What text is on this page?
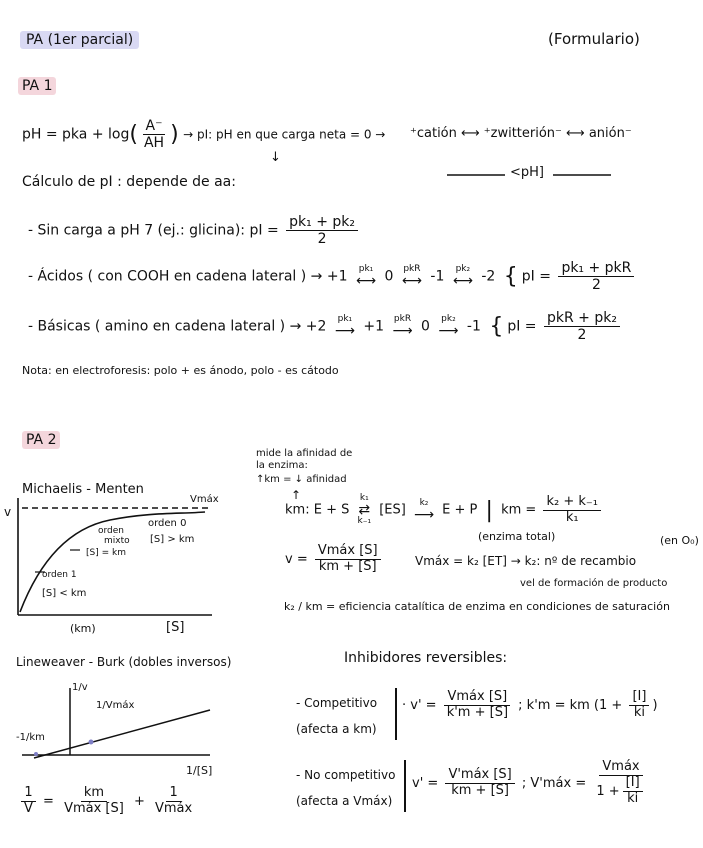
PA (1er parcial)	(Formulario)
PA 1
pH = pka + $\log( \frac{A^-}{AH}$ ) → pI: pH en que carga neta = 0 →
↓
⁺catión ⟷ ⁺zwitterión⁻ ⟷ anión⁻
<pH]
Cálculo de pI : depende de aa:
- Sin carga a pH 7 (ej.: glicina): pI = $\frac{\text{pk₁ + pk₂}}{2}$
- Ácidos ( con COOH en cadena lateral ) → +1 pk₁
⟷ 0 pkR
⟷ -1 pk₂
⟷ -2 { pI = $\frac{\text{pk₁ + pkR}}{2}$
- Básicas ( amino en cadena lateral ) → +2 pk₁
⟶ +1 pkR
⟶ 0 pk₂
⟶ -1 { pI = $\frac{\text{pkR + pk₂}}{2}$
Nota: en electroforesis: polo + es ánodo, polo - es cátodo
PA 2
Michaelis - Menten
Vmáx
v
orden 0
[S] > km
orden
mixto
[S] = km
orden 1
[S] < km
(km)	[S]
Lineweaver - Burk (dobles inversos)
1/v
1/Vmáx
-1/km
1/[S]
$\frac{1}{V} = \frac{km}{\text{Vmáx [S]}} + \frac{1}{\text{Vmáx}}$
mide la afinidad de
la enzima:
↑km = ↓ afinidad
↑
km: E + S
k₁
⇄
k₋₁
[ES] k₂
⟶ E + P | km = $\frac{\text{k₂ + k₋₁}}{\text{k₁}}$
$v = \frac{\text{Vmáx [S]}}{km + [S]}$
(enzima total)	(en O₀)
Vmáx = k₂ [ET] → k₂: nº de recambio
vel de formación de producto
k₂ / km = eficiencia catalítica de enzima en condiciones de saturación
Inhibidores reversibles:
- Competitivo
(afecta a km)
· $v' = \frac{\text{Vmáx [S]}}{k'm + [S]}$ ; k'm = km ($1 + \frac{[I]}{ki}$ )
- No competitivo
(afecta a Vmáx)
$v' = \frac{\text{V'máx [S]}}{km + [S]}$ ; V'máx = $\frac{\text{Vmáx}}{1 + \frac{[I]}{ki}}$
